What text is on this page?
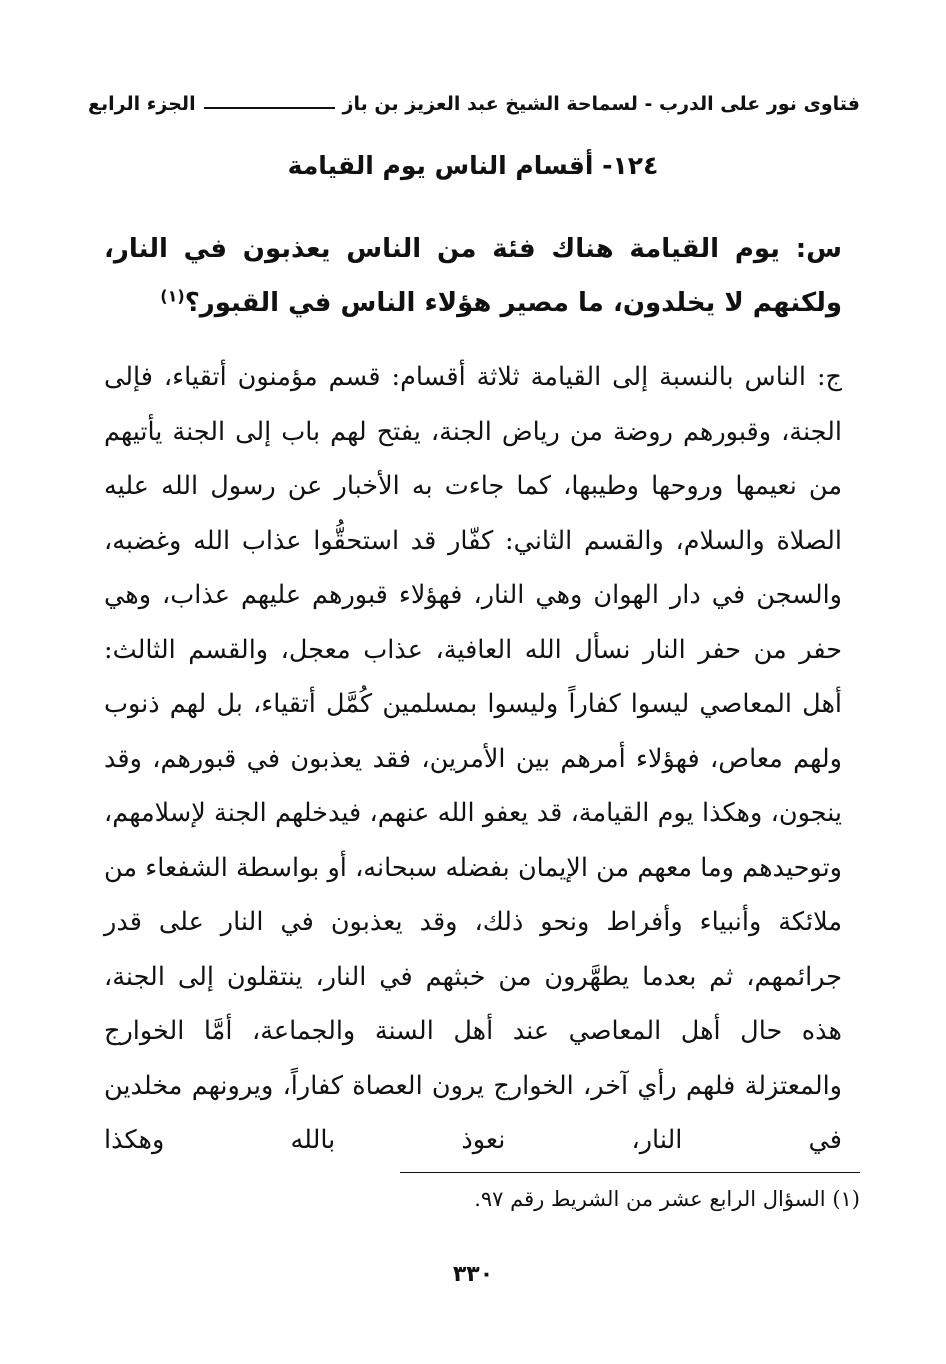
فتاوى نور على الدرب - لسماحة الشيخ عبد العزيز بن باز
الجزء الرابع
١٢٤- أقسام الناس يوم القيامة
س: يوم القيامة هناك فئة من الناس يعذبون في النار، ولكنهم لا يخلدون، ما مصير هؤلاء الناس في القبور؟$^{(١)}$
ج: الناس بالنسبة إلى القيامة ثلاثة أقسام: قسم مؤمنون أتقياء، فإلى الجنة، وقبورهم روضة من رياض الجنة، يفتح لهم باب إلى الجنة يأتيهم من نعيمها وروحها وطيبها، كما جاءت به الأخبار عن رسول الله عليه الصلاة والسلام، والقسم الثاني: كفّار قد استحقُّوا عذاب الله وغضبه، والسجن في دار الهوان وهي النار، فهؤلاء قبورهم عليهم عذاب، وهي حفر من حفر النار نسأل الله العافية، عذاب معجل، والقسم الثالث: أهل المعاصي ليسوا كفاراً وليسوا بمسلمين كُمَّل أتقياء، بل لهم ذنوب ولهم معاص، فهؤلاء أمرهم بين الأمرين، فقد يعذبون في قبورهم، وقد ينجون، وهكذا يوم القيامة، قد يعفو الله عنهم، فيدخلهم الجنة لإسلامهم، وتوحيدهم وما معهم من الإيمان بفضله سبحانه، أو بواسطة الشفعاء من ملائكة وأنبياء وأفراط ونحو ذلك، وقد يعذبون في النار على قدر جرائمهم، ثم بعدما يطهَّرون من خبثهم في النار، ينتقلون إلى الجنة، هذه حال أهل المعاصي عند أهل السنة والجماعة، أمَّا الخوارج والمعتزلة فلهم رأي آخر، الخوارج يرون العصاة كفاراً، ويرونهم مخلدين في النار، نعوذ بالله وهكذا
(١) السؤال الرابع عشر من الشريط رقم ٩٧.
٣٣٠
